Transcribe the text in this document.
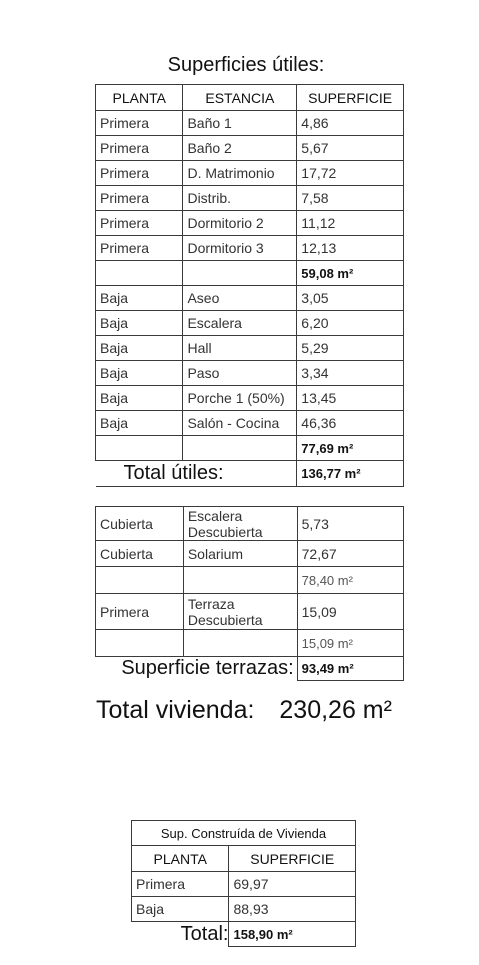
Superficies útiles:
PLANTA	ESTANCIA	SUPERFICIE
Primera	Baño 1	4,86
Primera	Baño 2	5,67
Primera	D. Matrimonio	17,72
Primera	Distrib.	7,58
Primera	Dormitorio 2	11,12
Primera	Dormitorio 3	12,13
		59,08 m²
Baja	Aseo	3,05
Baja	Escalera	6,20
Baja	Hall	5,29
Baja	Paso	3,34
Baja	Porche 1 (50%)	13,45
Baja	Salón - Cocina	46,36
		77,69 m²
Total útiles:		136,77 m²
Cubierta	Escalera Descubierta	5,73
Cubierta	Solarium	72,67
		78,40 m²
Primera	Terraza Descubierta	15,09
		15,09 m²
Superficie terrazas:		93,49 m²
Total vivienda: 230,26 m²
Sup. Construída de Vivienda	
PLANTA	SUPERFICIE
Primera	69,97
Baja	88,93
Total:	158,90 m²
